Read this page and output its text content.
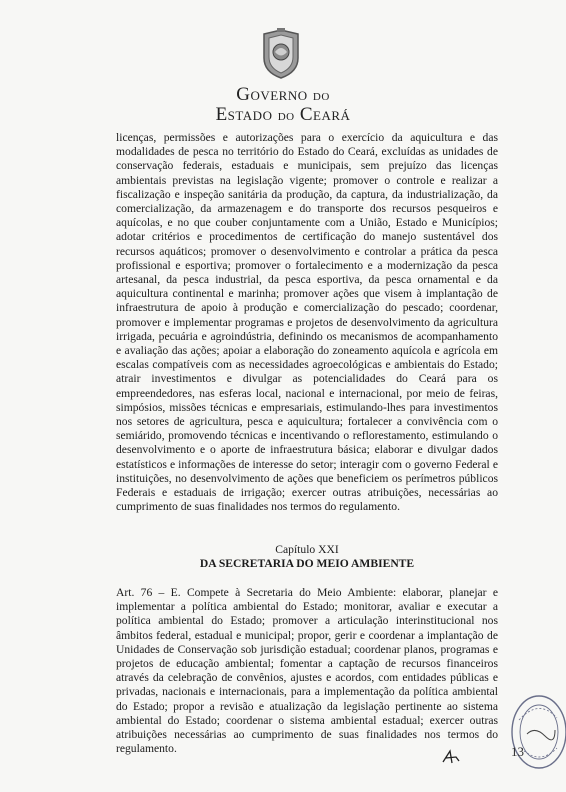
Governo do
Estado do Ceará

licenças, permissões e autorizações para o exercício da aquicultura e das modalidades de pesca no território do Estado do Ceará, excluídas as unidades de conservação federais, estaduais e municipais, sem prejuízo das licenças ambientais previstas na legislação vigente; promover o controle e realizar a fiscalização e inspeção sanitária da produção, da captura, da industrialização, da comercialização, da armazenagem e do transporte dos recursos pesqueiros e aquícolas, e no que couber conjuntamente com a União, Estado e Municípios; adotar critérios e procedimentos de certificação do manejo sustentável dos recursos aquáticos; promover o desenvolvimento e controlar a prática da pesca profissional e esportiva; promover o fortalecimento e a modernização da pesca artesanal, da pesca industrial, da pesca esportiva, da pesca ornamental e da aquicultura continental e marinha; promover ações que visem à implantação de infraestrutura de apoio à produção e comercialização do pescado; coordenar, promover e implementar programas e projetos de desenvolvimento da agricultura irrigada, pecuária e agroindústria, definindo os mecanismos de acompanhamento e avaliação das ações; apoiar a elaboração do zoneamento aquícola e agrícola em escalas compatíveis com as necessidades agroecológicas e ambientais do Estado; atrair investimentos e divulgar as potencialidades do Ceará para os empreendedores, nas esferas local, nacional e internacional, por meio de feiras, simpósios, missões técnicas e empresariais, estimulando-lhes para investimentos nos setores de agricultura, pesca e aquicultura; fortalecer a convivência com o semiárido, promovendo técnicas e incentivando o reflorestamento, estimulando o desenvolvimento e o aporte de infraestrutura básica; elaborar e divulgar dados estatísticos e informações de interesse do setor; interagir com o governo Federal e instituições, no desenvolvimento de ações que beneficiem os perímetros públicos Federais e estaduais de irrigação; exercer outras atribuições, necessárias ao cumprimento de suas finalidades nos termos do regulamento.

Capítulo XXI
DA SECRETARIA DO MEIO AMBIENTE

Art. 76 – E. Compete à Secretaria do Meio Ambiente: elaborar, planejar e implementar a política ambiental do Estado; monitorar, avaliar e executar a política ambiental do Estado; promover a articulação interinstitucional nos âmbitos federal, estadual e municipal; propor, gerir e coordenar a implantação de Unidades de Conservação sob jurisdição estadual; coordenar planos, programas e projetos de educação ambiental; fomentar a captação de recursos financeiros através da celebração de convênios, ajustes e acordos, com entidades públicas e privadas, nacionais e internacionais, para a implementação da política ambiental do Estado; propor a revisão e atualização da legislação pertinente ao sistema ambiental do Estado; coordenar o sistema ambiental estadual; exercer outras atribuições necessárias ao cumprimento de suas finalidades nos termos do regulamento.	13
